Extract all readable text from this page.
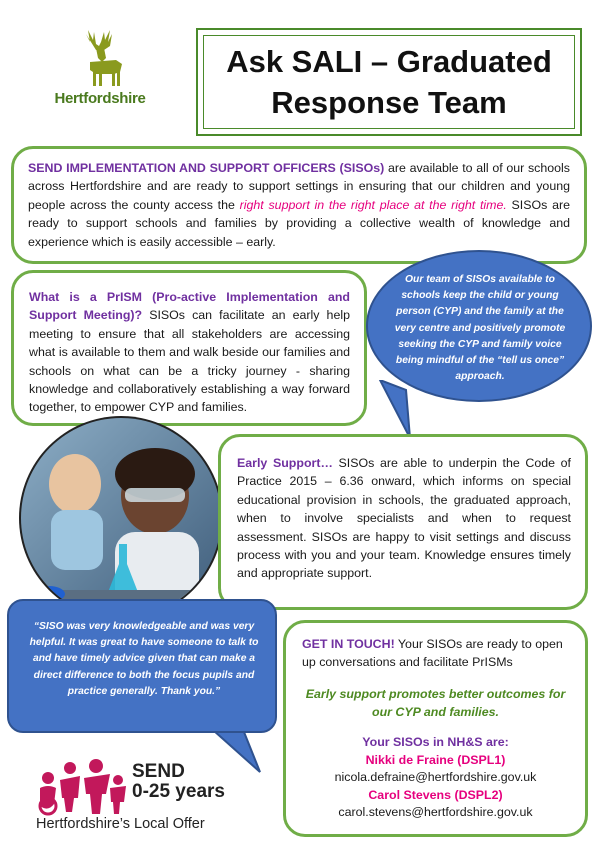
Hertfordshire
Ask SALI – Graduated
Response Team
SEND IMPLEMENTATION AND SUPPORT OFFICERS (SISOs) are available to all of our schools across Hertfordshire and are ready to support settings in ensuring that our children and young people across the county access the right support in the right place at the right time. SISOs are ready to support schools and families by providing a collective wealth of knowledge and experience which is easily accessible – early.
What is a PrISM (Pro-active Implementation and Support Meeting)? SISOs can facilitate an early help meeting to ensure that all stakeholders are accessing what is available to them and walk beside our families and schools on what can be a tricky journey - sharing knowledge and collaboratively establishing a way forward together, to empower CYP and families.
Our team of SISOs available to schools keep the child or young person (CYP) and the family at the very centre and positively promote seeking the CYP and family voice being mindful of the “tell us once” approach.
Early Support… SISOs are able to underpin the Code of Practice 2015 – 6.36 onward, which informs on special educational provision in schools, the graduated approach, when to involve specialists and when to request assessment. SISOs are happy to visit settings and discuss process with you and your team. Knowledge ensures timely and appropriate support.
“SISO was very knowledgeable and was very helpful. It was great to have someone to talk to and have timely advice given that can make a direct difference to both the focus pupils and practice generally. Thank you.”
GET IN TOUCH! Your SISOs are ready to open up conversations and facilitate PrISMs
Early support promotes better outcomes for our CYP and families.
Your SISOs in NH&S are:
Nikki de Fraine (DSPL1)
nicola.defraine@hertfordshire.gov.uk
Carol Stevens (DSPL2)
carol.stevens@hertfordshire.gov.uk
SEND
0-25 years
Hertfordshire’s Local Offer
